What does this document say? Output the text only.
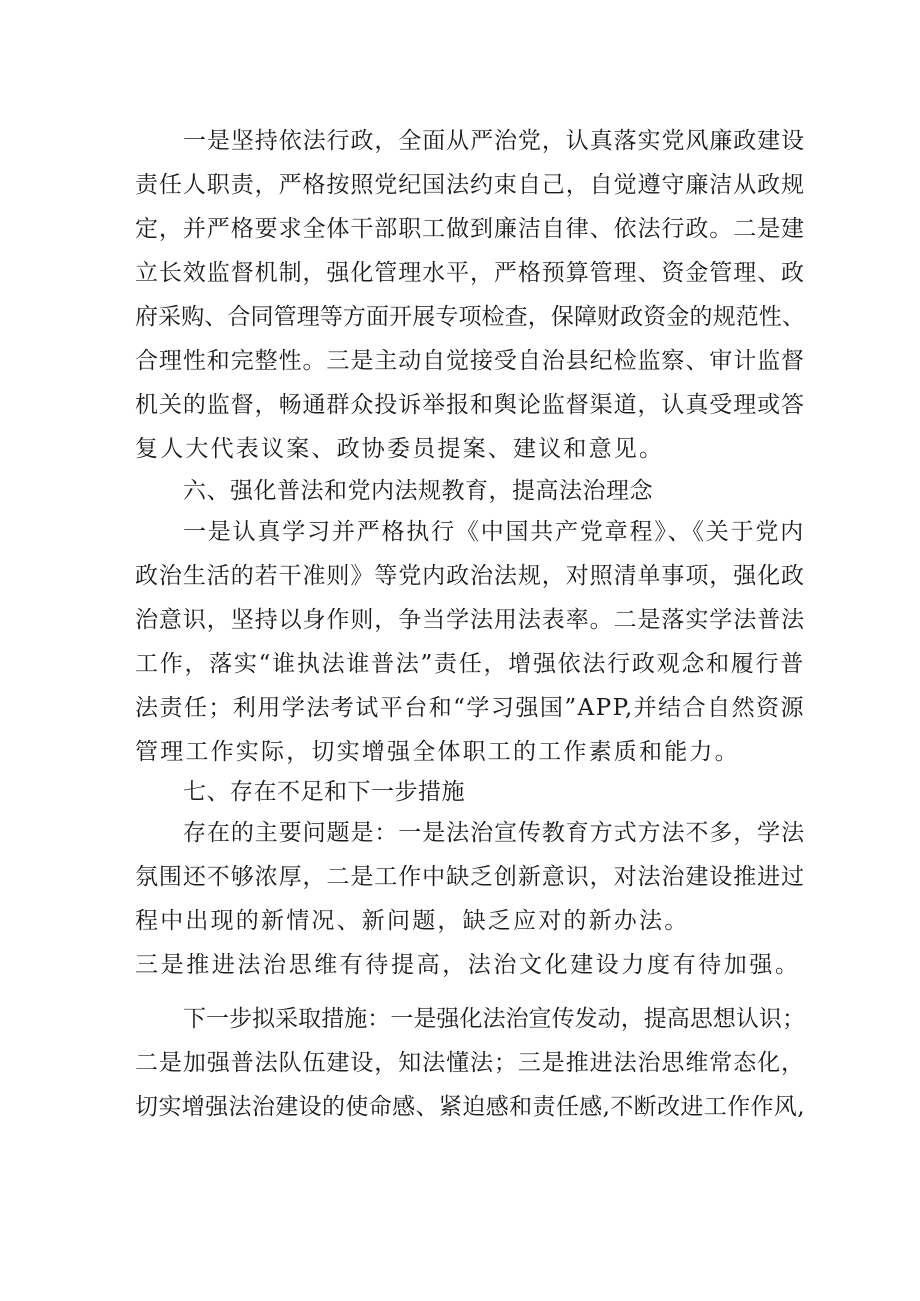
一是坚持依法行政，全面从严治党，认真落实党风廉政建设

责任人职责，严格按照党纪国法约束自己，自觉遵守廉洁从政规

定，并严格要求全体干部职工做到廉洁自律、依法行政。二是建

立长效监督机制，强化管理水平，严格预算管理、资金管理、政

府采购、合同管理等方面开展专项检查，保障财政资金的规范性、

合理性和完整性。三是主动自觉接受自治县纪检监察、审计监督

机关的监督，畅通群众投诉举报和舆论监督渠道，认真受理或答

复人大代表议案、政协委员提案、建议和意见。

六、强化普法和党内法规教育，提高法治理念

一是认真学习并严格执行《中国共产党章程》、《关于党内

政治生活的若干准则》等党内政治法规，对照清单事项，强化政

治意识，坚持以身作则，争当学法用法表率。二是落实学法普法

工作，落实“谁执法谁普法”责任，增强依法行政观念和履行普

法责任；利用学法考试平台和“学习强国”APP,并结合自然资源

管理工作实际，切实增强全体职工的工作素质和能力。

七、存在不足和下一步措施

存在的主要问题是：一是法治宣传教育方式方法不多，学法

氛围还不够浓厚，二是工作中缺乏创新意识，对法治建设推进过

程中出现的新情况、新问题，缺乏应对的新办法。

三是推进法治思维有待提高，法治文化建设力度有待加强。

下一步拟采取措施：一是强化法治宣传发动，提高思想认识；

二是加强普法队伍建设，知法懂法；三是推进法治思维常态化，

切实增强法治建设的使命感、紧迫感和责任感,不断改进工作作风,
